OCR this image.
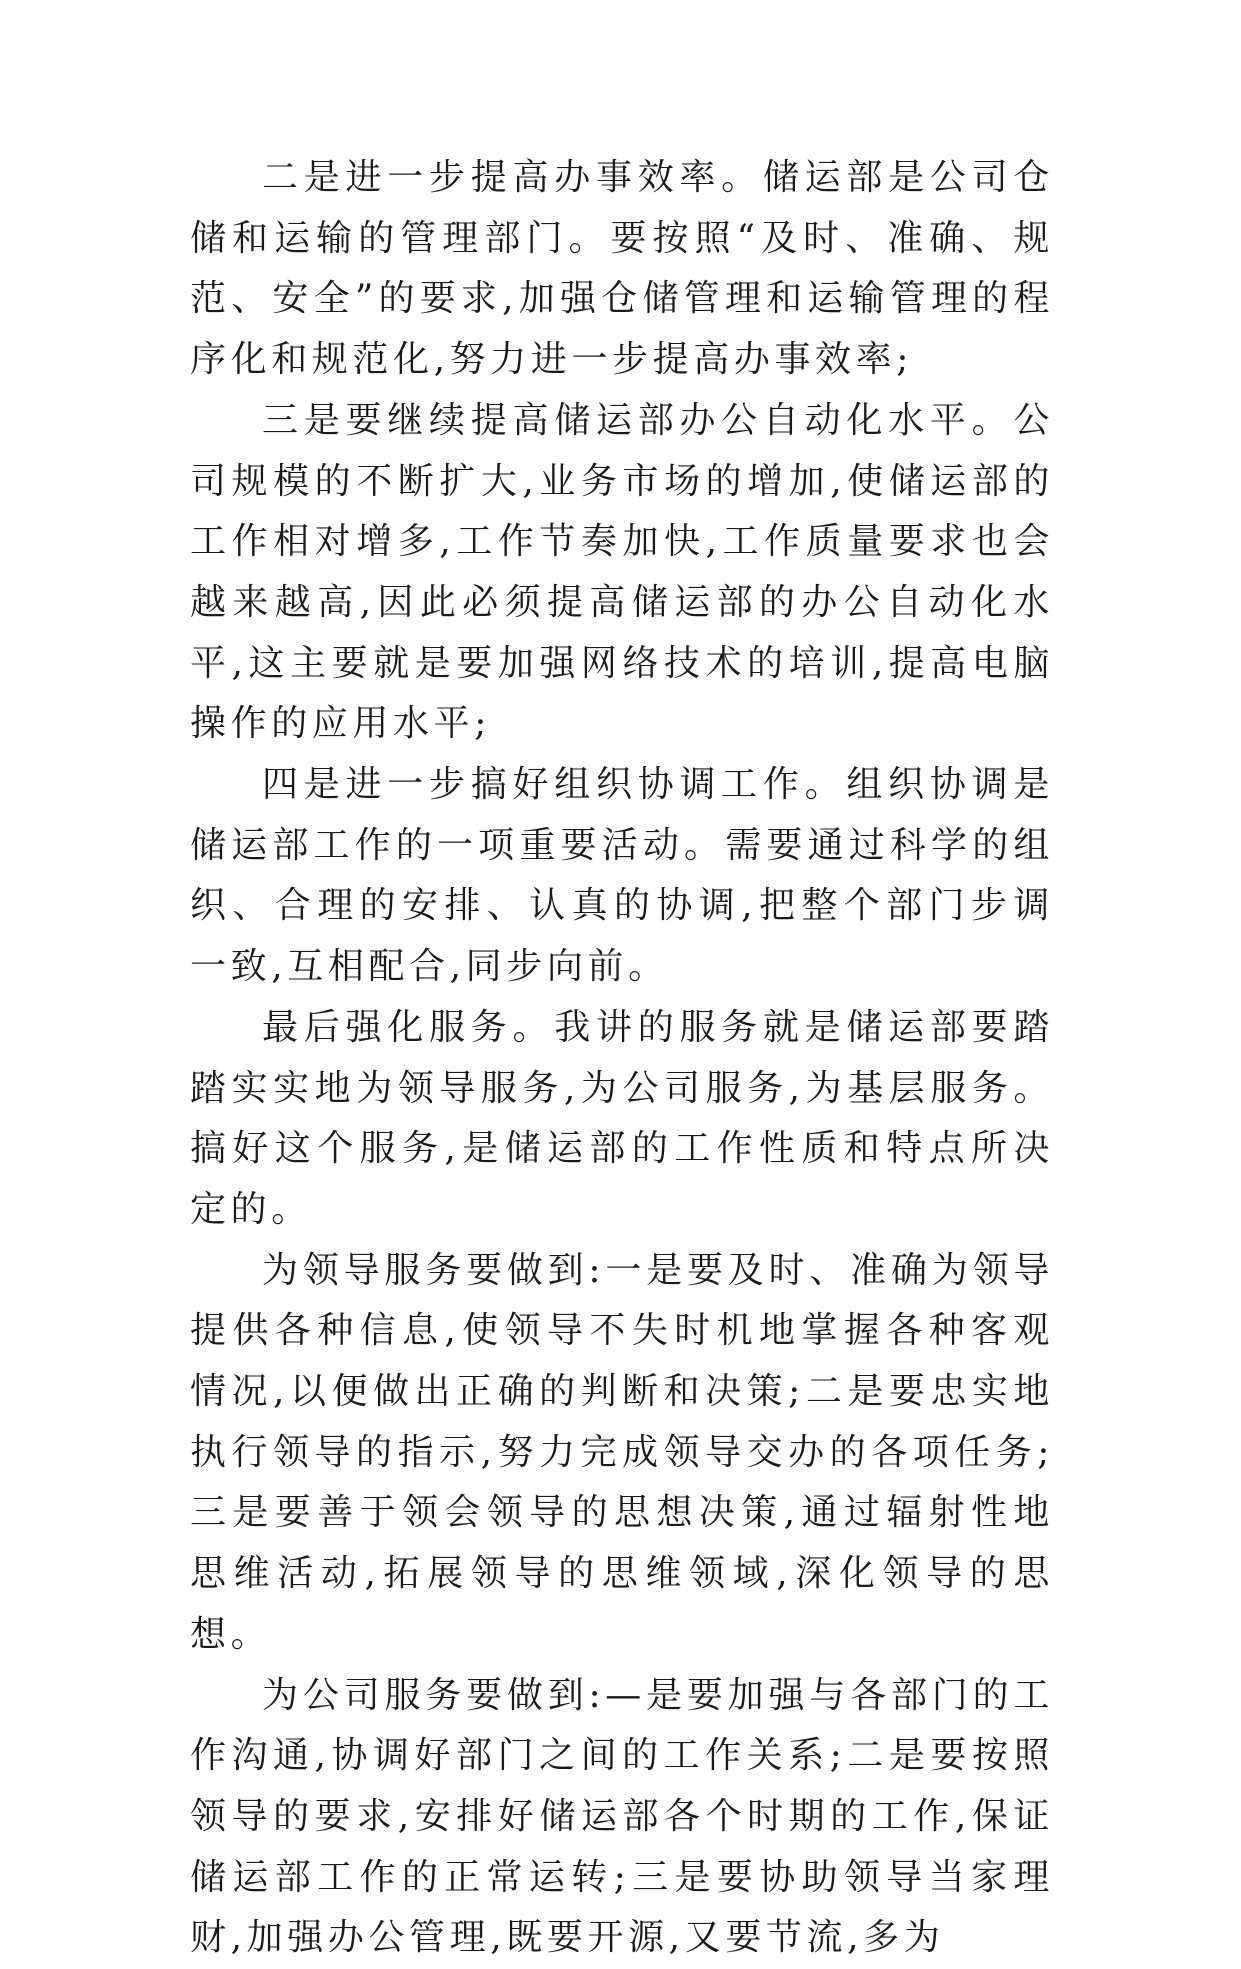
二是进一步提高办事效率。储运部是公司仓储和运输的管理部门。要按照“及时、准确、规范、安全”的要求,加强仓储管理和运输管理的程序化和规范化,努力进一步提高办事效率;

三是要继续提高储运部办公自动化水平。公司规模的不断扩大,业务市场的增加,使储运部的工作相对增多,工作节奏加快,工作质量要求也会越来越高,因此必须提高储运部的办公自动化水平,这主要就是要加强网络技术的培训,提高电脑操作的应用水平;

四是进一步搞好组织协调工作。组织协调是储运部工作的一项重要活动。需要通过科学的组织、合理的安排、认真的协调,把整个部门步调一致,互相配合,同步向前。

最后强化服务。我讲的服务就是储运部要踏踏实实地为领导服务,为公司服务,为基层服务。搞好这个服务,是储运部的工作性质和特点所决定的。

为领导服务要做到:一是要及时、准确为领导提供各种信息,使领导不失时机地掌握各种客观情况,以便做出正确的判断和决策;二是要忠实地执行领导的指示,努力完成领导交办的各项任务;三是要善于领会领导的思想决策,通过辐射性地思维活动,拓展领导的思维领域,深化领导的思想。

为公司服务要做到:—是要加强与各部门的工作沟通,协调好部门之间的工作关系;二是要按照领导的要求,安排好储运部各个时期的工作,保证储运部工作的正常运转;三是要协助领导当家理财,加强办公管理,既要开源,又要节流,多为
